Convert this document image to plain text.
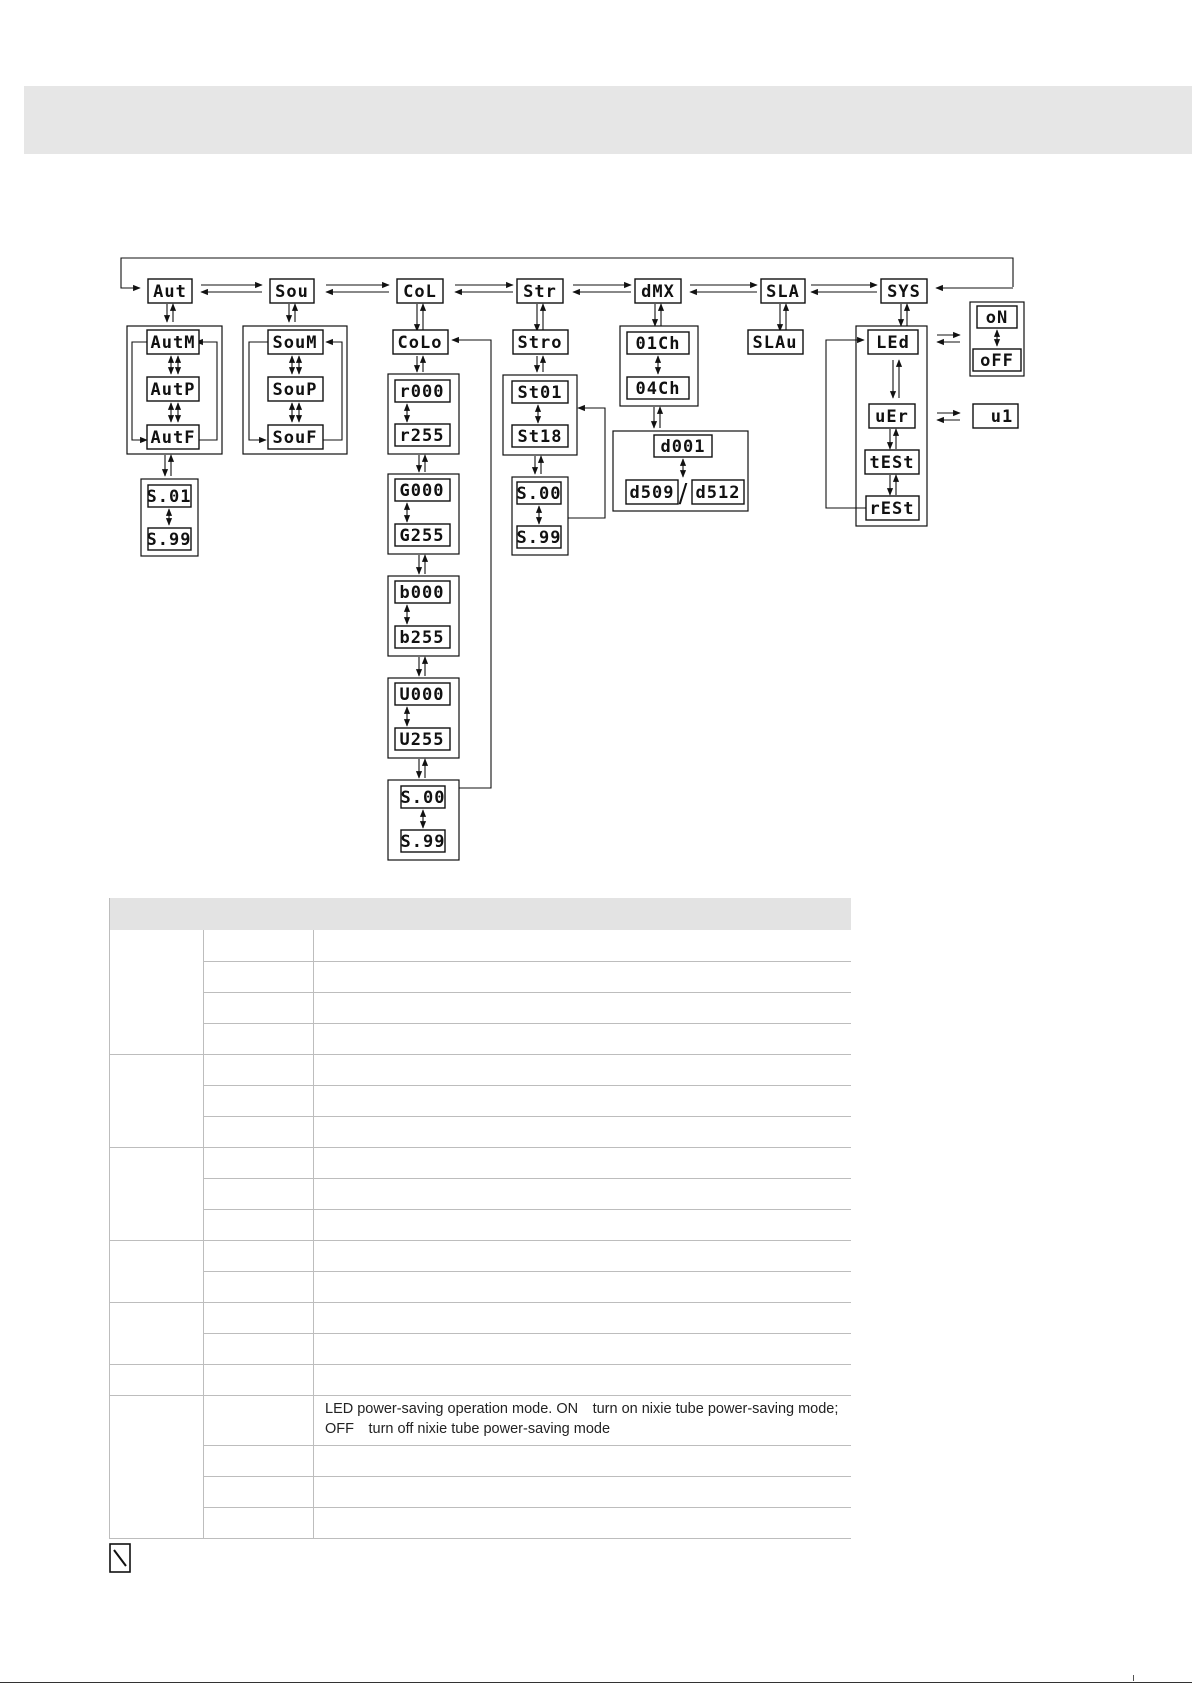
Aut	Sou	CoL	Str	dMX	SLA	SYS
AutM
AutP
AutF
S.01
S.99
SouM
SouP
SouF
CoLo
r000
r255
G000
G255
b000
b255
U000
U255
S.00
S.99
Stro
St01
St18
S.00
S.99
01Ch
04Ch
d001
d509 / d512
SLAu	LEd
uEr
tESt
rESt
oN
oFF
u1
LED power-saving operation mode. ON　turn on nixie tube power-saving mode; OFF　turn off nixie tube power-saving mode
